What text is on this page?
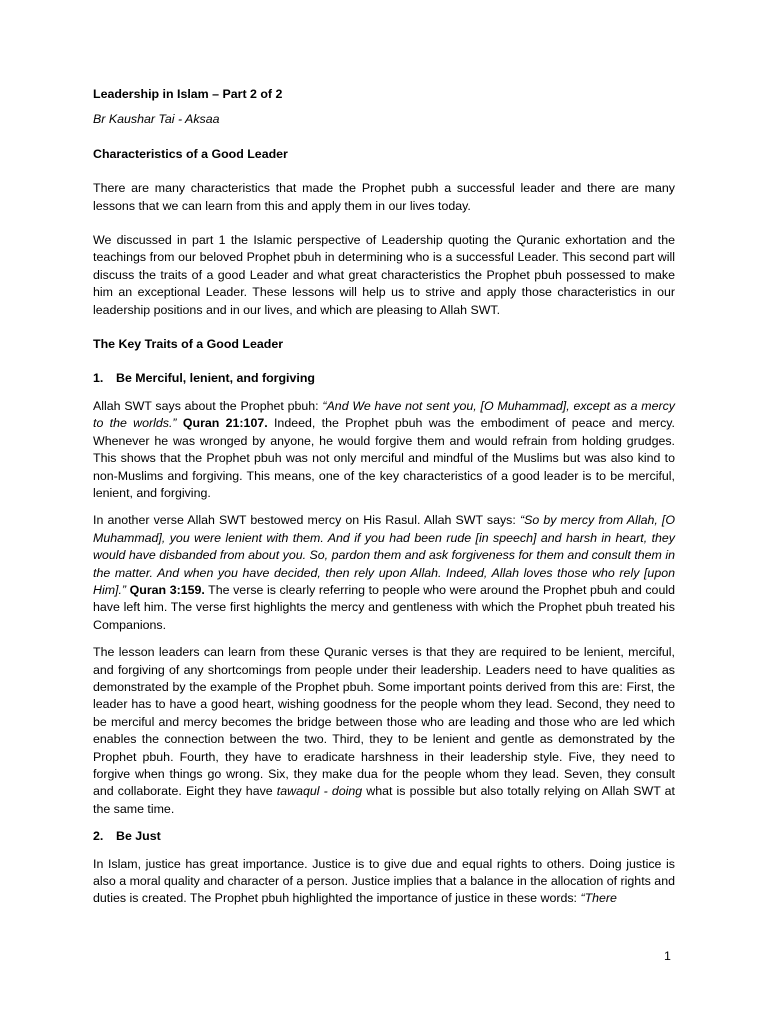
Leadership in Islam – Part 2 of 2

Br Kaushar Tai - Aksaa

Characteristics of a Good Leader

There are many characteristics that made the Prophet pubh a successful leader and there are many lessons that we can learn from this and apply them in our lives today.

We discussed in part 1 the Islamic perspective of Leadership quoting the Quranic exhortation and the teachings from our beloved Prophet pbuh in determining who is a successful Leader. This second part will discuss the traits of a good Leader and what great characteristics the Prophet pbuh possessed to make him an exceptional Leader. These lessons will help us to strive and apply those characteristics in our leadership positions and in our lives, and which are pleasing to Allah SWT.

The Key Traits of a Good Leader

1. Be Merciful, lenient, and forgiving

Allah SWT says about the Prophet pbuh: “And We have not sent you, [O Muhammad], except as a mercy to the worlds.” Quran 21:107. Indeed, the Prophet pbuh was the embodiment of peace and mercy. Whenever he was wronged by anyone, he would forgive them and would refrain from holding grudges. This shows that the Prophet pbuh was not only merciful and mindful of the Muslims but was also kind to non-Muslims and forgiving. This means, one of the key characteristics of a good leader is to be merciful, lenient, and forgiving.

In another verse Allah SWT bestowed mercy on His Rasul. Allah SWT says: “So by mercy from Allah, [O Muhammad], you were lenient with them. And if you had been rude [in speech] and harsh in heart, they would have disbanded from about you. So, pardon them and ask forgiveness for them and consult them in the matter. And when you have decided, then rely upon Allah. Indeed, Allah loves those who rely [upon Him].” Quran 3:159. The verse is clearly referring to people who were around the Prophet pbuh and could have left him. The verse first highlights the mercy and gentleness with which the Prophet pbuh treated his Companions.

The lesson leaders can learn from these Quranic verses is that they are required to be lenient, merciful, and forgiving of any shortcomings from people under their leadership. Leaders need to have qualities as demonstrated by the example of the Prophet pbuh. Some important points derived from this are: First, the leader has to have a good heart, wishing goodness for the people whom they lead. Second, they need to be merciful and mercy becomes the bridge between those who are leading and those who are led which enables the connection between the two. Third, they to be lenient and gentle as demonstrated by the Prophet pbuh. Fourth, they have to eradicate harshness in their leadership style. Five, they need to forgive when things go wrong. Six, they make dua for the people whom they lead. Seven, they consult and collaborate. Eight they have tawaqul - doing what is possible but also totally relying on Allah SWT at the same time.

2. Be Just

In Islam, justice has great importance. Justice is to give due and equal rights to others. Doing justice is also a moral quality and character of a person. Justice implies that a balance in the allocation of rights and duties is created. The Prophet pbuh highlighted the importance of justice in these words: “There

1
